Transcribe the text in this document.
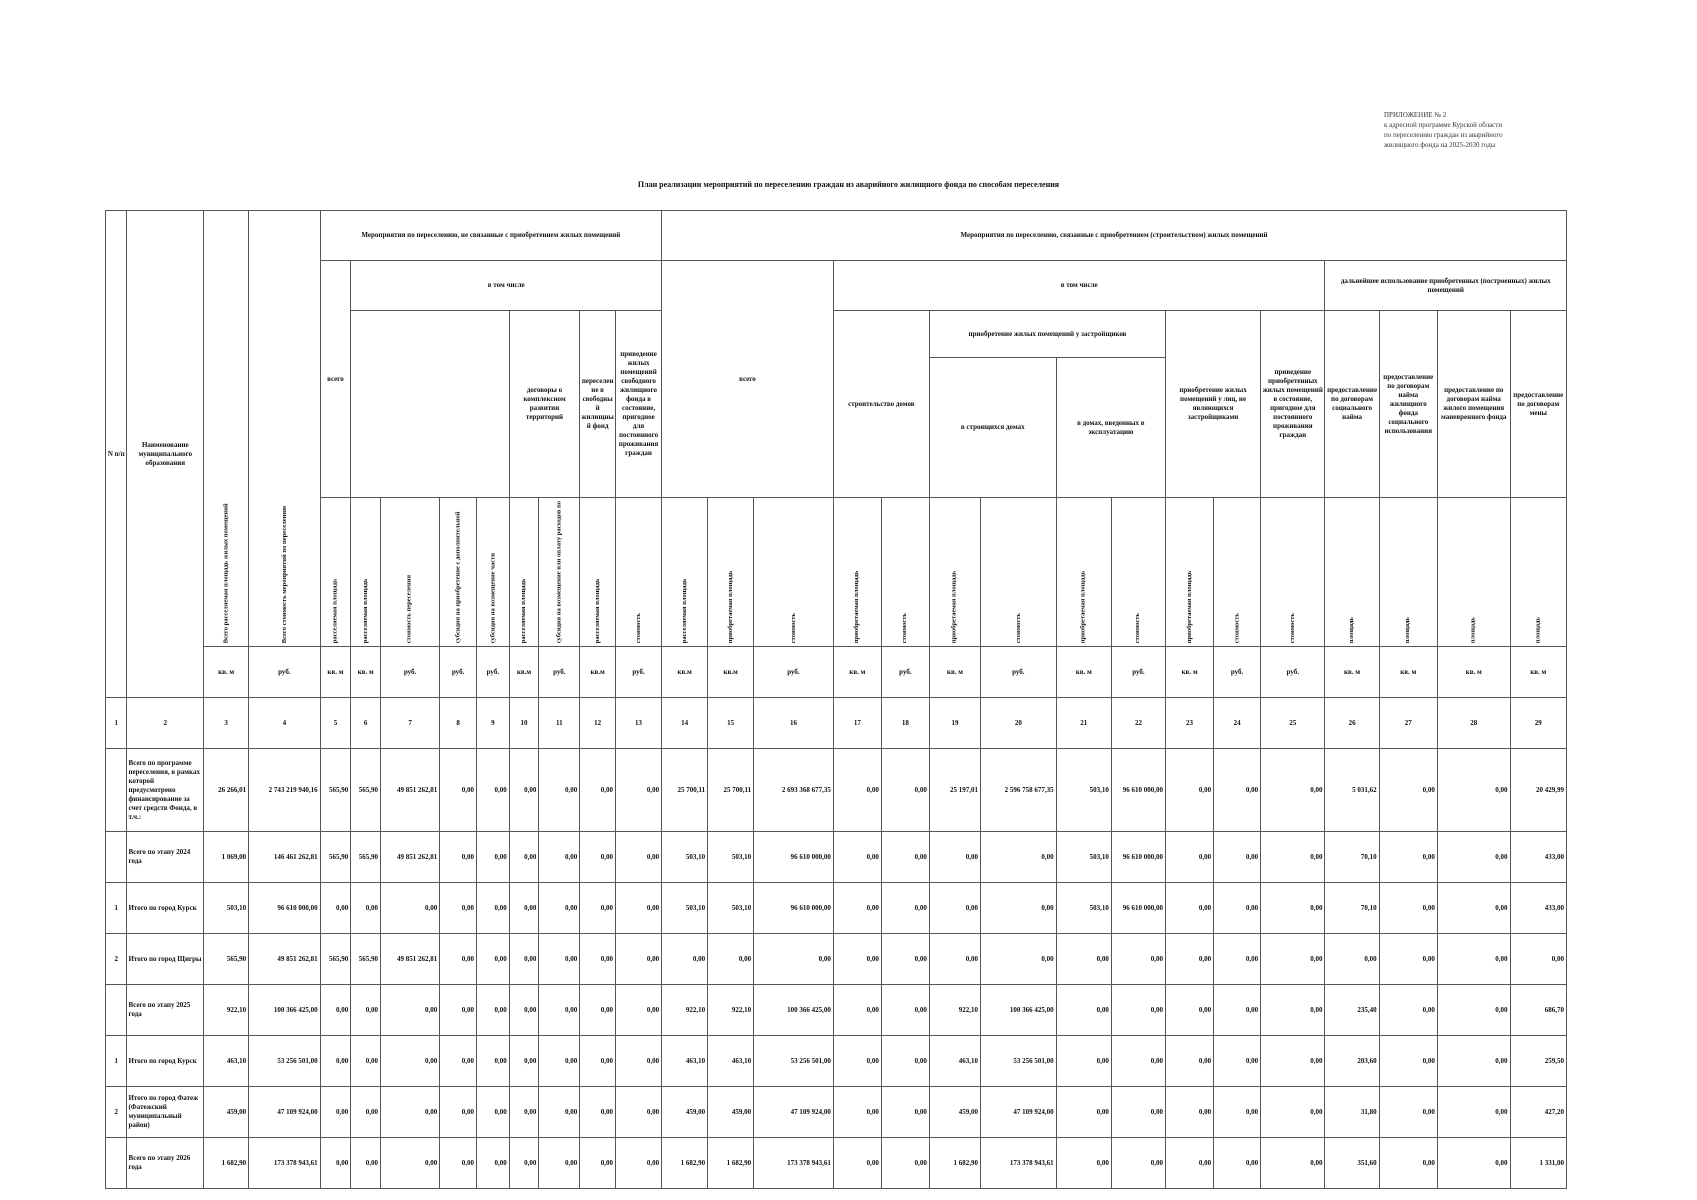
ПРИЛОЖЕНИЕ № 2
к адресной программе Курской области
по переселению граждан из аварийного
жилищного фонда на 2025-2030 годы
План реализации мероприятий по переселению граждан из аварийного жилищного фонда по способам переселения
N п/п	Наименование муниципального образования	Всего расселяемая площадь жилых помещений	Всего стоимость мероприятий по переселению	Мероприятия по переселению, не связанные с приобретением жилых помещений									Мероприятия по переселению, связанные с приобретением (строительством) жилых помещений															
				всего	в том числе								всего			в том числе									дальнейшее использование приобретенных (построенных) жилых помещений			
									договоры о комплексном развитии территорий		переселение в свободный жилищный фонд	приведение жилых помещений свободного жилищного фонда в состояние, пригодное для постоянного проживания граждан				строительство домов		приобретение жилых помещений у застройщиков				приобретение жилых помещений у лиц, не являющихся застройщиками		приведение приобретенных жилых помещений в состояние, пригодное для постоянного проживания граждан	предоставление по договорам социального найма	предоставление по договорам найма жилищного фонда социального использования	предоставление по договорам найма жилого помещения маневренного фонда	предоставление по договорам мены
																		в строящихся домах		в домах, введенных в эксплуатацию								
				расселяемая площадь	расселяемая площадь	стоимость переселения	субсидия на приобретение с дополнительной	субсидия на возмещение части	расселяемая площадь	субсидия на возмещение или оплату расходов по	расселяемая площадь	стоимость	расселяемая площадь	приобретаемая площадь	стоимость	приобретаемая площадь	стоимость	приобретаемая площадь	стоимость	приобретаемая площадь	стоимость	приобретаемая площадь	стоимость	стоимость	площадь	площадь	площадь	площадь
		кв. м	руб.	кв. м	кв. м	руб.	руб.	руб.	кв.м	руб.	кв.м	руб.	кв.м	кв.м	руб.	кв. м	руб.	кв. м	руб.	кв. м	руб.	кв. м	руб.	руб.	кв. м	кв. м	кв. м	кв. м
1	2	3	4	5	6	7	8	9	10	11	12	13	14	15	16	17	18	19	20	21	22	23	24	25	26	27	28	29
	Всего по программе переселения, в рамках которой предусмотрено финансирование за счет средств Фонда, в т.ч.:	26 266,01	2 743 219 940,16	565,90	565,90	49 851 262,81	0,00	0,00	0,00	0,00	0,00	0,00	25 700,11	25 700,11	2 693 368 677,35	0,00	0,00	25 197,01	2 596 758 677,35	503,10	96 610 000,00	0,00	0,00	0,00	5 031,62	0,00	0,00	20 429,99
	Всего по этапу 2024 года	1 069,00	146 461 262,81	565,90	565,90	49 851 262,81	0,00	0,00	0,00	0,00	0,00	0,00	503,10	503,10	96 610 000,00	0,00	0,00	0,00	0,00	503,10	96 610 000,00	0,00	0,00	0,00	70,10	0,00	0,00	433,00
1	Итого по город Курск	503,10	96 610 000,00	0,00	0,00	0,00	0,00	0,00	0,00	0,00	0,00	0,00	503,10	503,10	96 610 000,00	0,00	0,00	0,00	0,00	503,10	96 610 000,00	0,00	0,00	0,00	70,10	0,00	0,00	433,00
2	Итого по город Щигры	565,90	49 851 262,81	565,90	565,90	49 851 262,81	0,00	0,00	0,00	0,00	0,00	0,00	0,00	0,00	0,00	0,00	0,00	0,00	0,00	0,00	0,00	0,00	0,00	0,00	0,00	0,00	0,00	0,00
	Всего по этапу 2025 года	922,10	100 366 425,00	0,00	0,00	0,00	0,00	0,00	0,00	0,00	0,00	0,00	922,10	922,10	100 366 425,00	0,00	0,00	922,10	100 366 425,00	0,00	0,00	0,00	0,00	0,00	235,40	0,00	0,00	686,70
1	Итого по город Курск	463,10	53 256 501,00	0,00	0,00	0,00	0,00	0,00	0,00	0,00	0,00	0,00	463,10	463,10	53 256 501,00	0,00	0,00	463,10	53 256 501,00	0,00	0,00	0,00	0,00	0,00	203,60	0,00	0,00	259,50
2	Итого по город Фатеж (Фатежский муниципальный район)	459,00	47 109 924,00	0,00	0,00	0,00	0,00	0,00	0,00	0,00	0,00	0,00	459,00	459,00	47 109 924,00	0,00	0,00	459,00	47 109 924,00	0,00	0,00	0,00	0,00	0,00	31,80	0,00	0,00	427,20
	Всего по этапу 2026 года	1 682,90	173 378 943,61	0,00	0,00	0,00	0,00	0,00	0,00	0,00	0,00	0,00	1 682,90	1 682,90	173 378 943,61	0,00	0,00	1 682,90	173 378 943,61	0,00	0,00	0,00	0,00	0,00	351,60	0,00	0,00	1 331,00
